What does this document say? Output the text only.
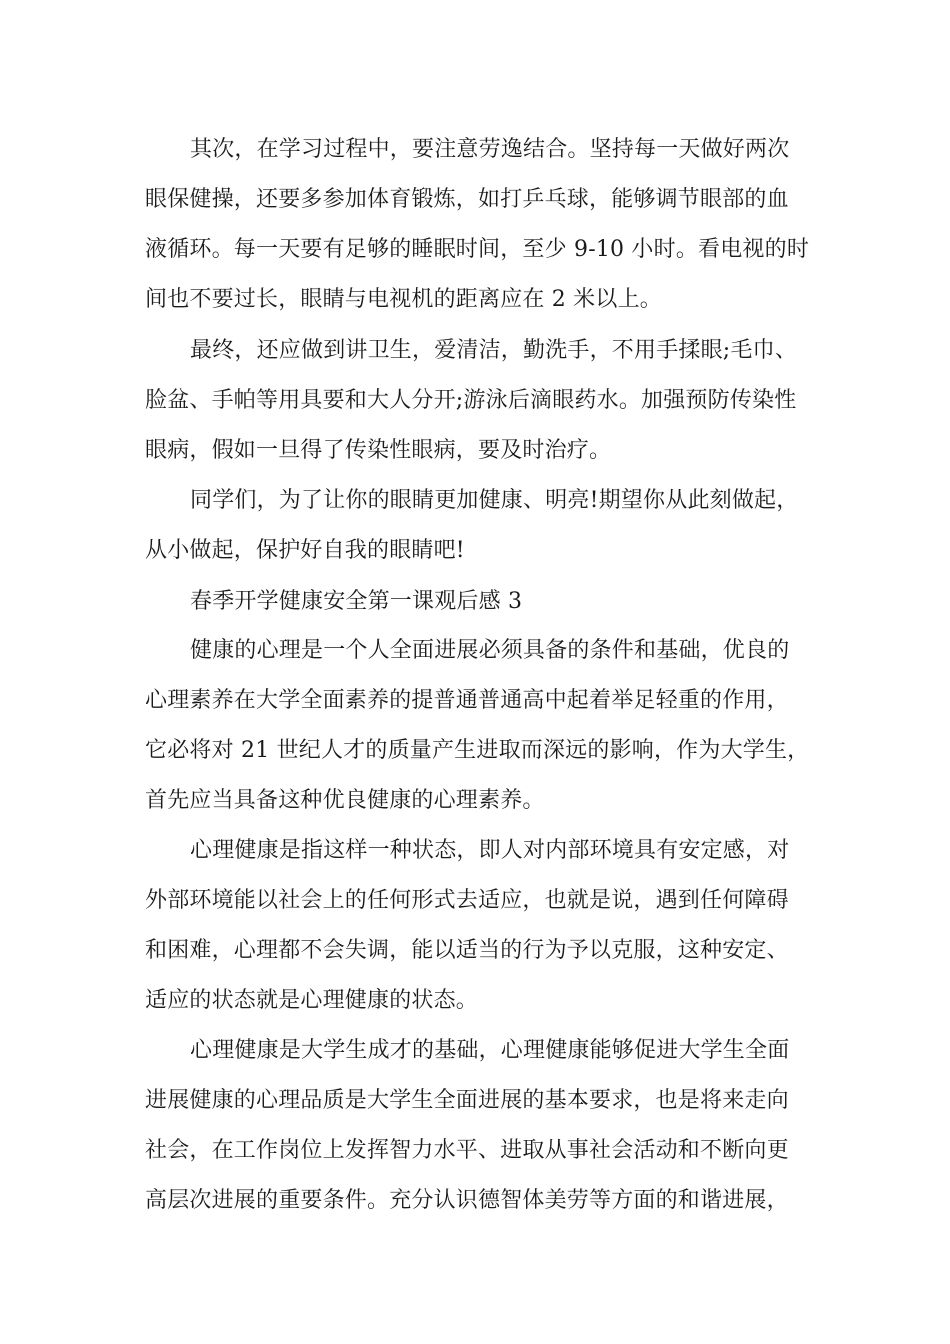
其次，在学习过程中，要注意劳逸结合。坚持每一天做好两次
眼保健操，还要多参加体育锻炼，如打乒乓球，能够调节眼部的血
液循环。每一天要有足够的睡眠时间，至少 9-10 小时。看电视的时
间也不要过长，眼睛与电视机的距离应在 2 米以上。
最终，还应做到讲卫生，爱清洁，勤洗手，不用手揉眼;毛巾、
脸盆、手帕等用具要和大人分开;游泳后滴眼药水。加强预防传染性
眼病，假如一旦得了传染性眼病，要及时治疗。
同学们，为了让你的眼睛更加健康、明亮!期望你从此刻做起，
从小做起，保护好自我的眼睛吧!
春季开学健康安全第一课观后感 3
健康的心理是一个人全面进展必须具备的条件和基础，优良的
心理素养在大学全面素养的提普通普通高中起着举足轻重的作用，
它必将对 21 世纪人才的质量产生进取而深远的影响，作为大学生，
首先应当具备这种优良健康的心理素养。
心理健康是指这样一种状态，即人对内部环境具有安定感，对
外部环境能以社会上的任何形式去适应，也就是说，遇到任何障碍
和困难，心理都不会失调，能以适当的行为予以克服，这种安定、
适应的状态就是心理健康的状态。
心理健康是大学生成才的基础，心理健康能够促进大学生全面
进展健康的心理品质是大学生全面进展的基本要求，也是将来走向
社会，在工作岗位上发挥智力水平、进取从事社会活动和不断向更
高层次进展的重要条件。充分认识德智体美劳等方面的和谐进展，
